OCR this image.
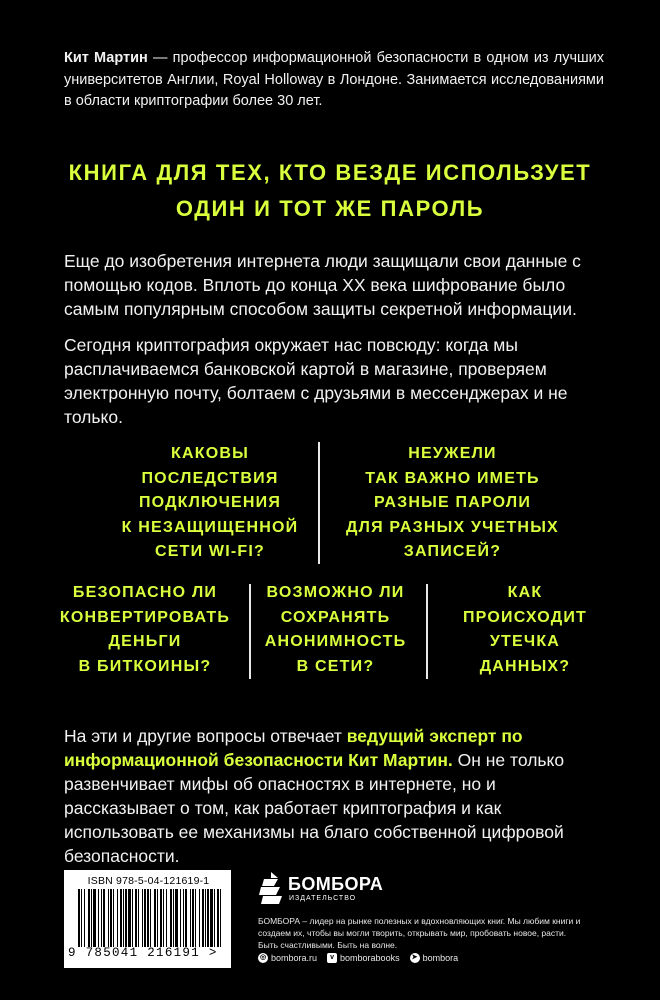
Кит Мартин — профессор информационной безопасности в одном из лучших университетов Англии, Royal Holloway в Лондоне. Занимается исследованиями в области криптографии более 30 лет.
КНИГА ДЛЯ ТЕХ, КТО ВЕЗДЕ ИСПОЛЬЗУЕТ
ОДИН И ТОТ ЖЕ ПАРОЛЬ
Еще до изобретения интернета люди защищали свои данные с помощью кодов. Вплоть до конца XX века шифрование было самым популярным способом защиты секретной информации.
Сегодня криптография окружает нас повсюду: когда мы расплачиваемся банковской картой в магазине, проверяем электронную почту, болтаем с друзьями в мессенджерах и не только.
КАКОВЫ
ПОСЛЕДСТВИЯ
ПОДКЛЮЧЕНИЯ
К НЕЗАЩИЩЕННОЙ
СЕТИ WI-FI?
НЕУЖЕЛИ
ТАК ВАЖНО ИМЕТЬ
РАЗНЫЕ ПАРОЛИ
ДЛЯ РАЗНЫХ УЧЕТНЫХ
ЗАПИСЕЙ?
БЕЗОПАСНО ЛИ
КОНВЕРТИРОВАТЬ
ДЕНЬГИ
В БИТКОИНЫ?
ВОЗМОЖНО ЛИ
СОХРАНЯТЬ
АНОНИМНОСТЬ
В СЕТИ?
КАК
ПРОИСХОДИТ
УТЕЧКА
ДАННЫХ?
На эти и другие вопросы отвечает ведущий эксперт по информационной безопасности Кит Мартин. Он не только развенчивает мифы об опасностях в интернете, но и рассказывает о том, как работает криптография и как использовать ее механизмы на благо собственной цифровой безопасности.
ISBN 978-5-04-121619-1
9 785041 216191 >
БОМБОРА
ИЗДАТЕЛЬСТВО
БОМБОРА – лидер на рынке полезных и вдохновляющих книг. Мы любим книги и создаем их, чтобы вы могли творить, открывать мир, пробовать новое, расти. Быть счастливыми. Быть на волне.
◎ bombora.ru	v bomborabooks ➤ bombora
